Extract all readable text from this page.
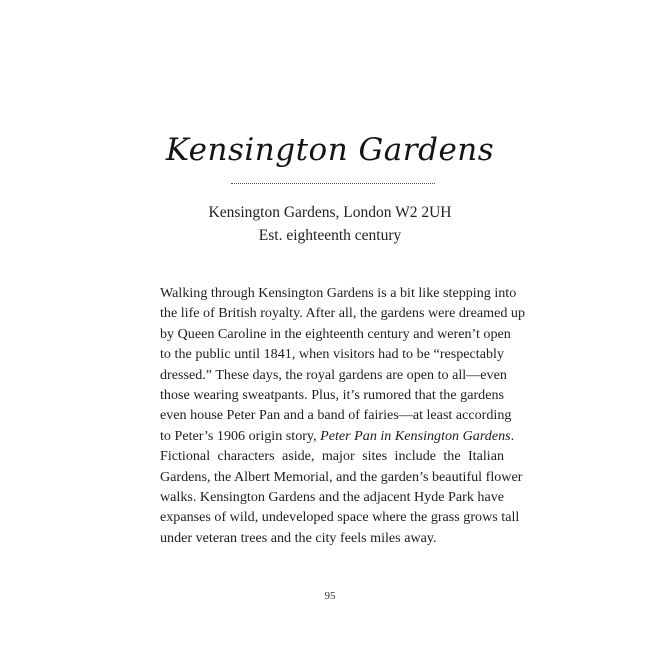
Kensington Gardens
Kensington Gardens, London W2 2UH
Est. eighteenth century
Walking through Kensington Gardens is a bit like stepping into
the life of British royalty. After all, the gardens were dreamed up
by Queen Caroline in the eighteenth century and weren’t open
to the public until 1841, when visitors had to be “respectably
dressed.” These days, the royal gardens are open to all—even
those wearing sweatpants. Plus, it’s rumored that the gardens
even house Peter Pan and a band of fairies—at least according
to Peter’s 1906 origin story, Peter Pan in Kensington Gardens.
Fictional characters aside, major sites include the Italian
Gardens, the Albert Memorial, and the garden’s beautiful flower
walks. Kensington Gardens and the adjacent Hyde Park have
expanses of wild, undeveloped space where the grass grows tall
under veteran trees and the city feels miles away.
95
